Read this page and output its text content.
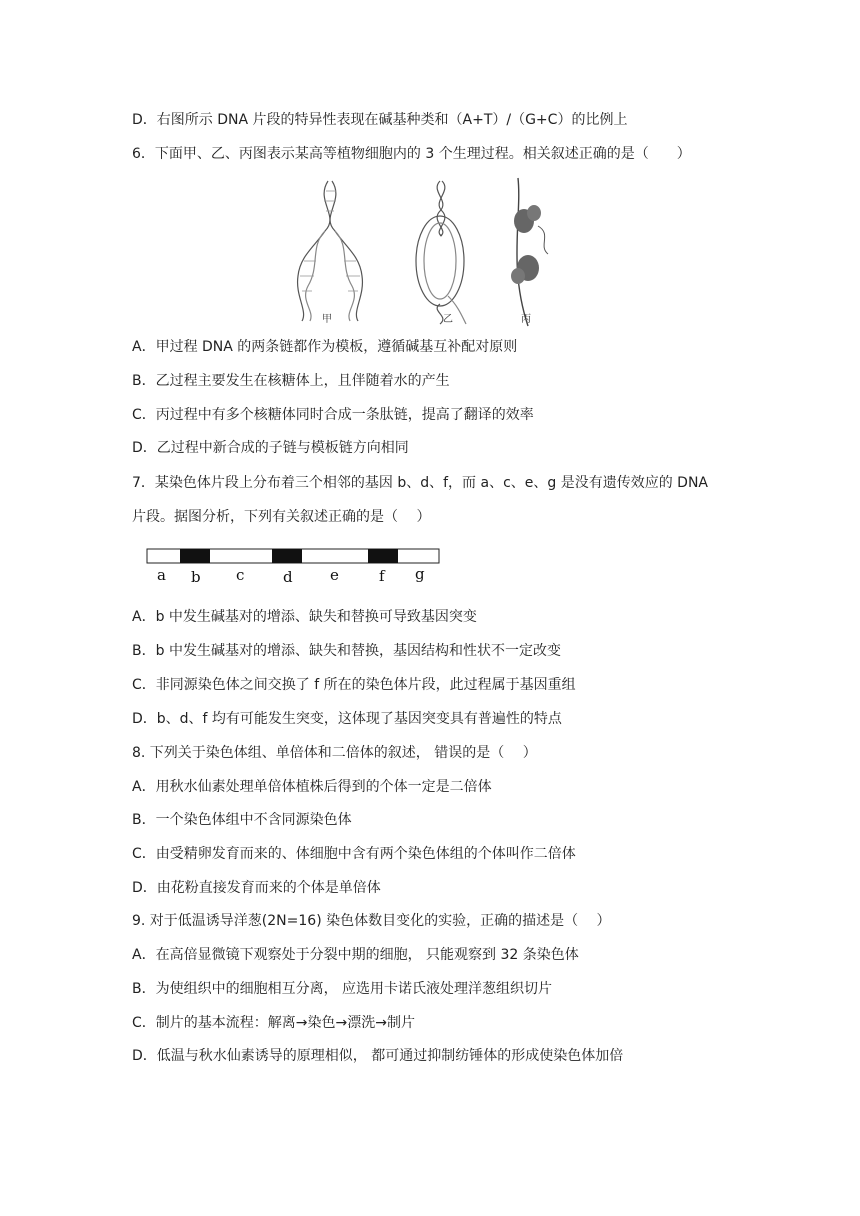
D．右图所示 DNA 片段的特异性表现在碱基种类和（A+T）/（G+C）的比例上
6．下面甲、乙、丙图表示某高等植物细胞内的 3 个生理过程。相关叙述正确的是（　　）
甲	乙	丙
A．甲过程 DNA 的两条链都作为模板，遵循碱基互补配对原则
B．乙过程主要发生在核糖体上，且伴随着水的产生
C．丙过程中有多个核糖体同时合成一条肽链，提高了翻译的效率
D．乙过程中新合成的子链与模板链方向相同
7．某染色体片段上分布着三个相邻的基因 b、d、f，而 a、c、e、g 是没有遗传效应的 DNA
片段。据图分析，下列有关叙述正确的是（　 ）
a b c	d e	f g
A．b 中发生碱基对的增添、缺失和替换可导致基因突变
B．b 中发生碱基对的增添、缺失和替换，基因结构和性状不一定改变
C．非同源染色体之间交换了 f 所在的染色体片段，此过程属于基因重组
D．b、d、f 均有可能发生突变，这体现了基因突变具有普遍性的特点
8. 下列关于染色体组、单倍体和二倍体的叙述， 错误的是（　 ）
A．用秋水仙素处理单倍体植株后得到的个体一定是二倍体
B．一个染色体组中不含同源染色体
C．由受精卵发育而来的、体细胞中含有两个染色体组的个体叫作二倍体
D．由花粉直接发育而来的个体是单倍体
9. 对于低温诱导洋葱(2N=16) 染色体数目变化的实验，正确的描述是（　 ）
A．在高倍显微镜下观察处于分裂中期的细胞， 只能观察到 32 条染色体
B．为使组织中的细胞相互分离， 应选用卡诺氏液处理洋葱组织切片
C．制片的基本流程：解离→染色→漂洗→制片
D．低温与秋水仙素诱导的原理相似， 都可通过抑制纺锤体的形成使染色体加倍
